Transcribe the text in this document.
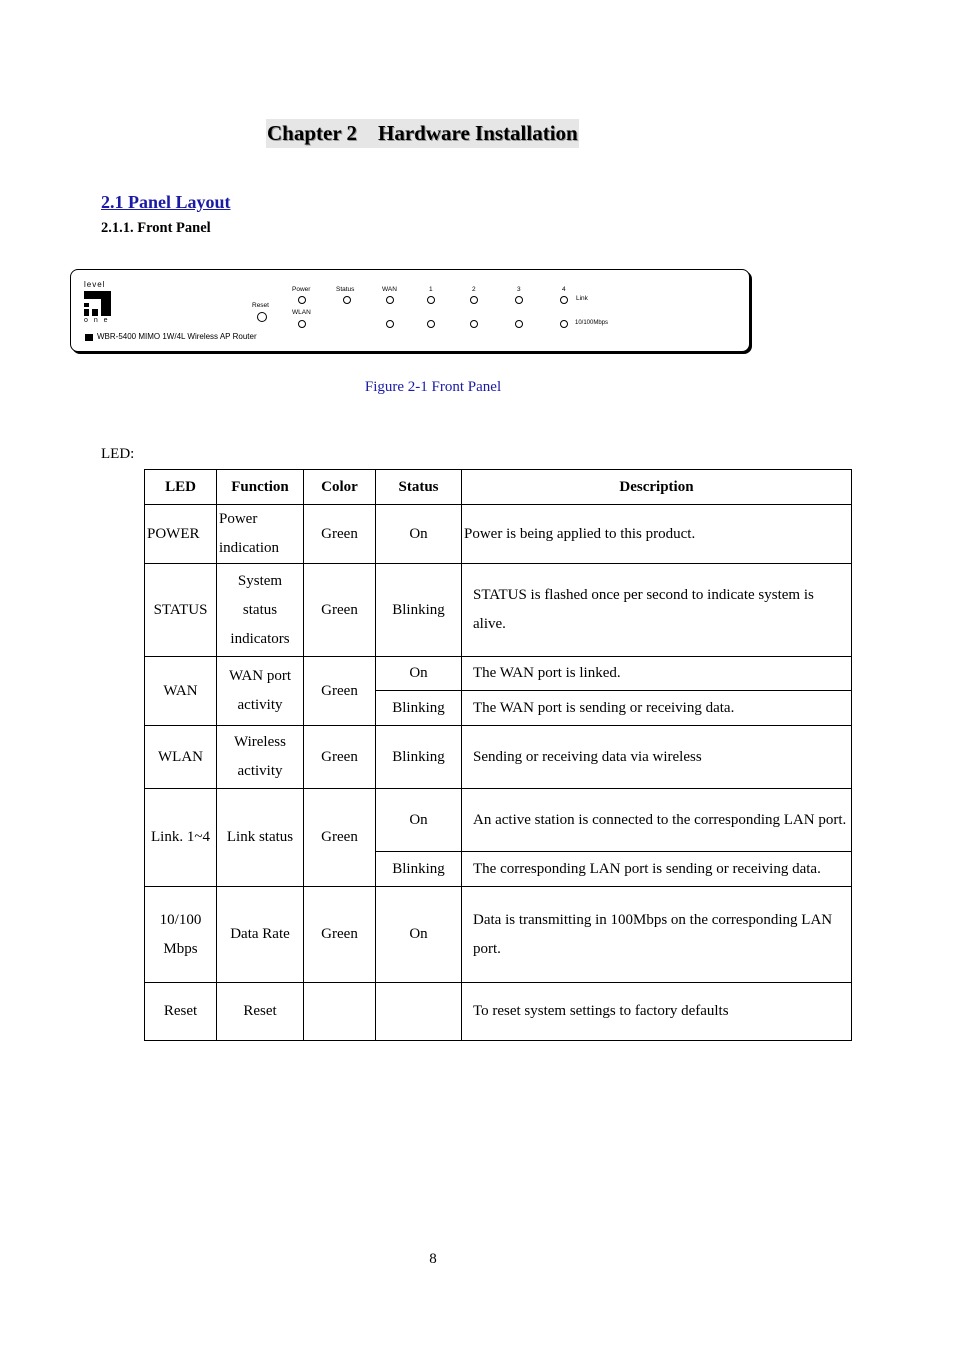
Chapter 2    Hardware Installation
2.1 Panel Layout
2.1.1. Front Panel
level
o n e
WBR-5400 MIMO 1W/4L Wireless AP Router
Reset
Power
WLAN
Status	WAN	1	2	3	4
Link
10/100Mbps
Figure 2-1 Front Panel
LED:
LED	Function	Color	Status	Description
POWER	Power indication	Green	On	Power is being applied to this product.
STATUS	System status indicators	Green	Blinking	STATUS is flashed once per second to indicate system is alive.
WAN	WAN port activity	Green	On	The WAN port is linked.
			Blinking	The WAN port is sending or receiving data.
WLAN	Wireless activity	Green	Blinking	Sending or receiving data via wireless
Link. 1~4	Link status	Green	On	An active station is connected to the corresponding LAN port.
			Blinking	The corresponding LAN port is sending or receiving data.
10/100 Mbps	Data Rate	Green	On	Data is transmitting in 100Mbps on the corresponding LAN port.
Reset	Reset			To reset system settings to factory defaults
8
